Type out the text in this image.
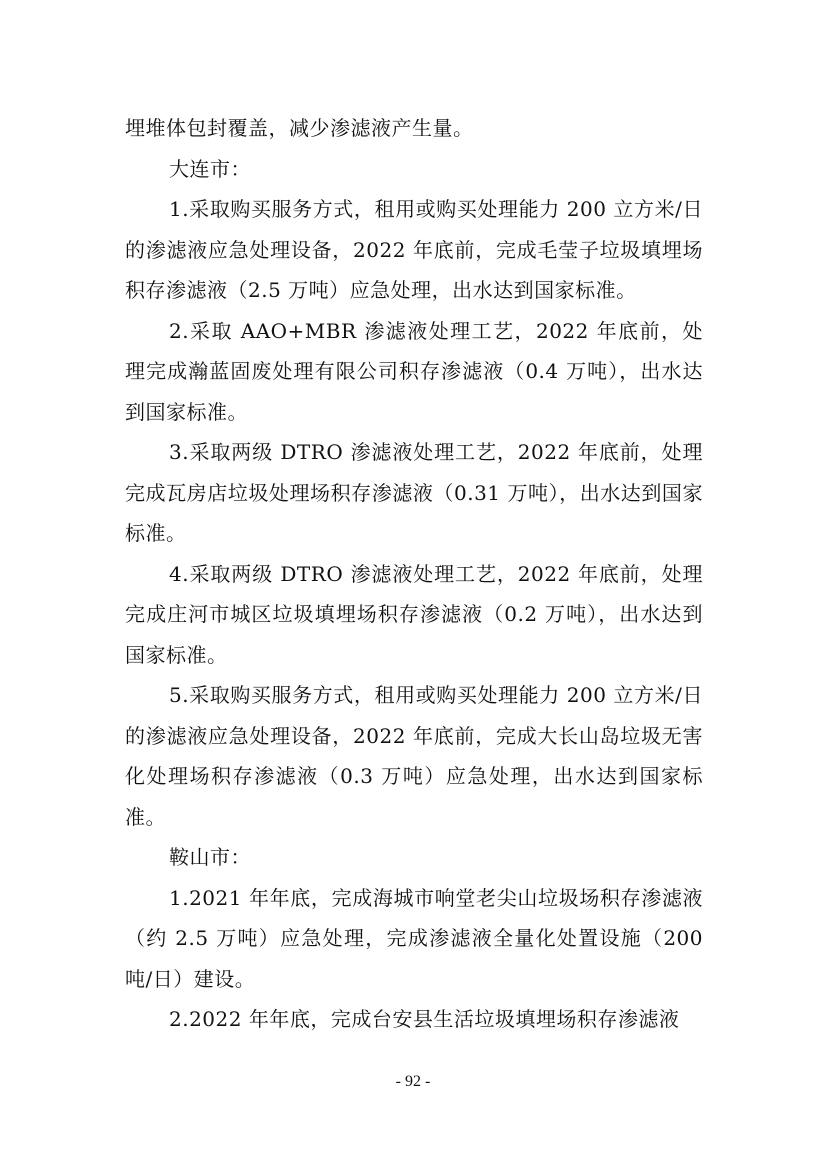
埋堆体包封覆盖，减少渗滤液产生量。

大连市：

1.采取购买服务方式，租用或购买处理能力 200 立方米/日的渗滤液应急处理设备，2022 年底前，完成毛莹子垃圾填埋场积存渗滤液（2.5 万吨）应急处理，出水达到国家标准。

2.采取 AAO+MBR 渗滤液处理工艺，2022 年底前，处理完成瀚蓝固废处理有限公司积存渗滤液（0.4 万吨），出水达到国家标准。

3.采取两级 DTRO 渗滤液处理工艺，2022 年底前，处理完成瓦房店垃圾处理场积存渗滤液（0.31 万吨），出水达到国家标准。

4.采取两级 DTRO 渗滤液处理工艺，2022 年底前，处理完成庄河市城区垃圾填埋场积存渗滤液（0.2 万吨），出水达到国家标准。

5.采取购买服务方式，租用或购买处理能力 200 立方米/日的渗滤液应急处理设备，2022 年底前，完成大长山岛垃圾无害化处理场积存渗滤液（0.3 万吨）应急处理，出水达到国家标准。

鞍山市：

1.2021 年年底，完成海城市响堂老尖山垃圾场积存渗滤液（约 2.5 万吨）应急处理，完成渗滤液全量化处置设施（200吨/日）建设。

2.2022 年年底，完成台安县生活垃圾填埋场积存渗滤液

- 92 -
